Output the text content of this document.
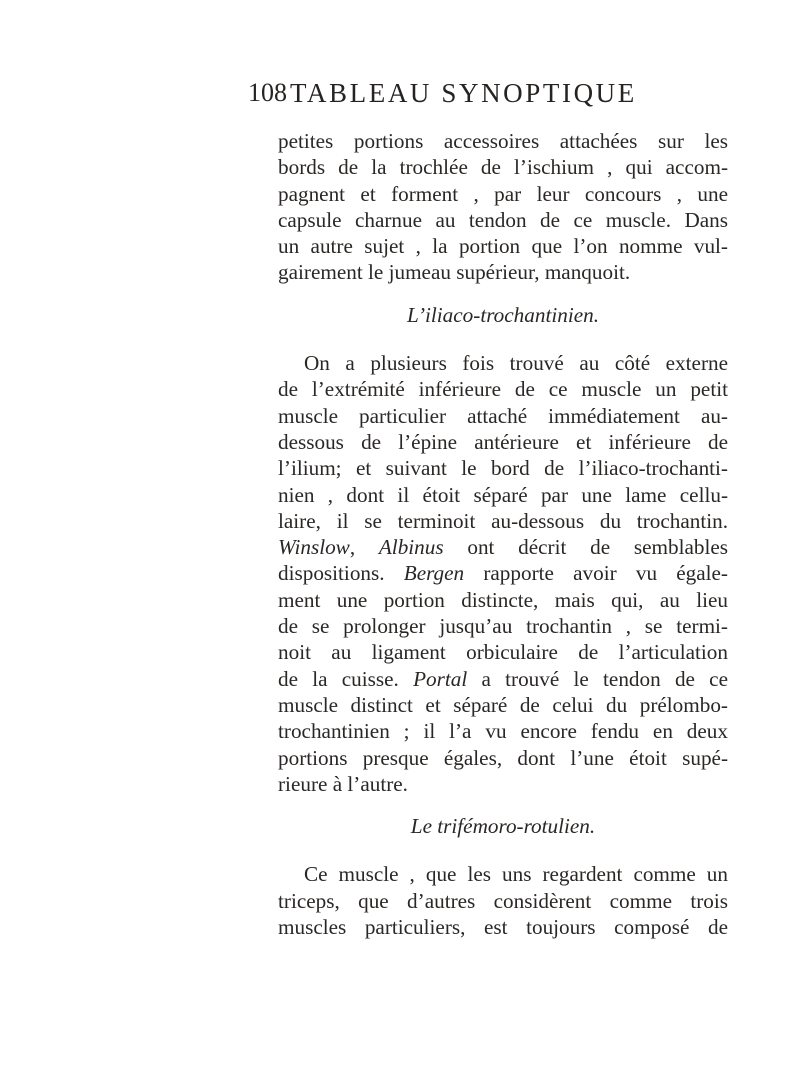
108 TABLEAU SYNOPTIQUE
petites portions accessoires attachées sur les
bords de la trochlée de l’ischium , qui accom-
pagnent et forment , par leur concours , une
capsule charnue au tendon de ce muscle. Dans
un autre sujet , la portion que l’on nomme vul-
gairement le jumeau supérieur, manquoit.
L’iliaco-trochantinien.
On a plusieurs fois trouvé au côté externe
de l’extrémité inférieure de ce muscle un petit
muscle particulier attaché immédiatement au-
dessous de l’épine antérieure et inférieure de
l’ilium; et suivant le bord de l’iliaco-trochanti-
nien , dont il étoit séparé par une lame cellu-
laire, il se terminoit au-dessous du trochantin.
Winslow, Albinus ont décrit de semblables
dispositions. Bergen rapporte avoir vu égale-
ment une portion distincte, mais qui, au lieu
de se prolonger jusqu’au trochantin , se termi-
noit au ligament orbiculaire de l’articulation
de la cuisse. Portal a trouvé le tendon de ce
muscle distinct et séparé de celui du prélombo-
trochantinien ; il l’a vu encore fendu en deux
portions presque égales, dont l’une étoit supé-
rieure à l’autre.
Le trifémoro-rotulien.
Ce muscle , que les uns regardent comme un
triceps, que d’autres considèrent comme trois
muscles particuliers, est toujours composé de
